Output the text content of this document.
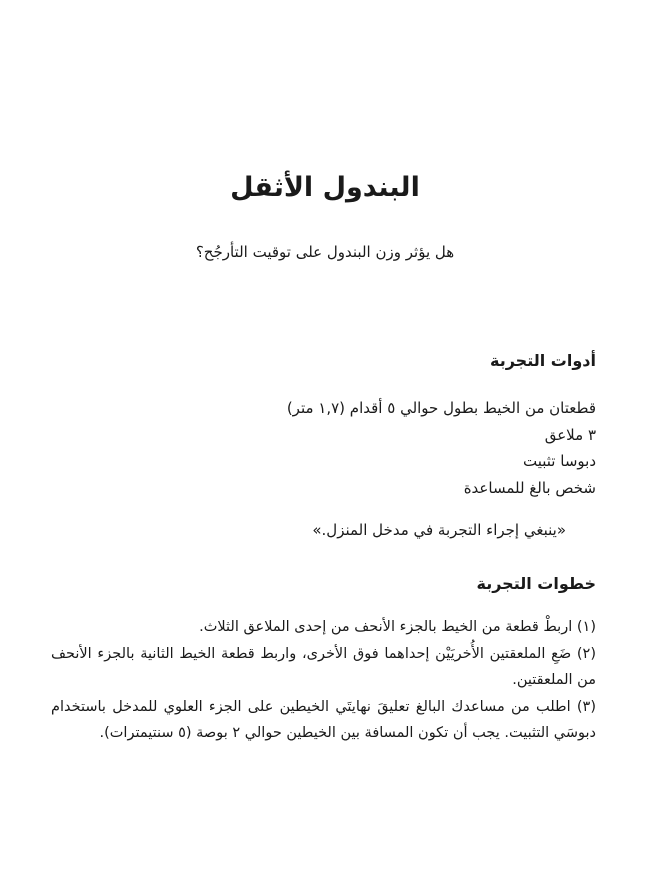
البندول الأثقل

هل يؤثر وزن البندول على توقيت التأرجُح؟

أدوات التجربة
قطعتان من الخيط بطول حوالي ٥ أقدام (١,٧ متر)
٣ ملاعق
دبوسا تثبيت
شخص بالغ للمساعدة

«ينبغي إجراء التجربة في مدخل المنزل.»

خطوات التجربة

(١) اربطْ قطعة من الخيط بالجزء الأنحف من إحدى الملاعق الثلاث.

(٢) ضَعِ الملعقتين الأُخريَيْن إحداهما فوق الأخرى، واربط قطعة الخيط الثانية بالجزء الأنحف من الملعقتين.

(٣) اطلب من مساعدك البالغ تعليقَ نهايتَي الخيطين على الجزء العلوي للمدخل باستخدام دبوسَي التثبيت. يجب أن تكون المسافة بين الخيطين حوالي ٢ بوصة (٥ سنتيمترات).
